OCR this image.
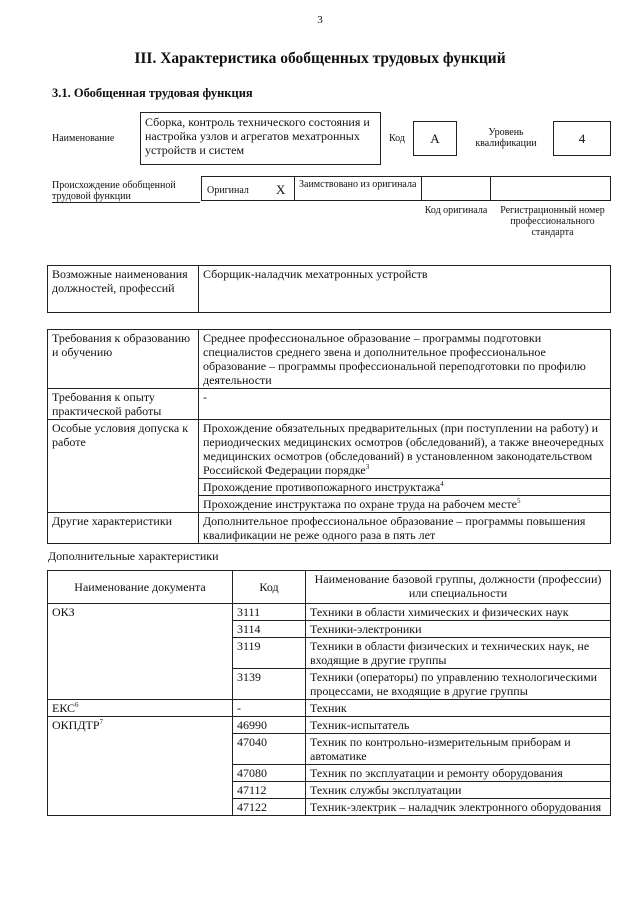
3
III. Характеристика обобщенных трудовых функций
3.1. Обобщенная трудовая функция
Наименование
Сборка, контроль технического состояния и настройка узлов и агрегатов мехатронных устройств и систем
Код	A	Уровень квалификации	4
Происхождение обобщенной трудовой функции
Оригинал X Заимствовано из оригинала
Код оригинала	Регистрационный номер профессионального стандарта
Возможные наименования должностей, профессий	Сборщик-наладчик мехатронных устройств
Требования к образованию и обучению	Среднее профессиональное образование – программы подготовки специалистов среднего звена и дополнительное профессиональное образование – программы профессиональной переподготовки по профилю деятельности
Требования к опыту практической работы	-
Особые условия допуска к работе	Прохождение обязательных предварительных (при поступлении на работу) и периодических медицинских осмотров (обследований), а также внеочередных медицинских осмотров (обследований) в установленном законодательством Российской Федерации порядке$^3$
	Прохождение противопожарного инструктажа$^4$
	Прохождение инструктажа по охране труда на рабочем месте$^5$
Другие характеристики	Дополнительное профессиональное образование – программы повышения квалификации не реже одного раза в пять лет
Дополнительные характеристики
Наименование документа	Код	Наименование базовой группы, должности (профессии) или специальности
ОКЗ	3111	Техники в области химических и физических наук
	3114	Техники-электроники
	3119	Техники в области физических и технических наук, не входящие в другие группы
	3139	Техники (операторы) по управлению технологическими процессами, не входящие в другие группы
ЕКС$^6$	-	Техник
ОКПДТР$^7$	46990	Техник-испытатель
	47040	Техник по контрольно-измерительным приборам и автоматике
	47080	Техник по эксплуатации и ремонту оборудования
	47112	Техник службы эксплуатации
	47122	Техник-электрик – наладчик электронного оборудования
